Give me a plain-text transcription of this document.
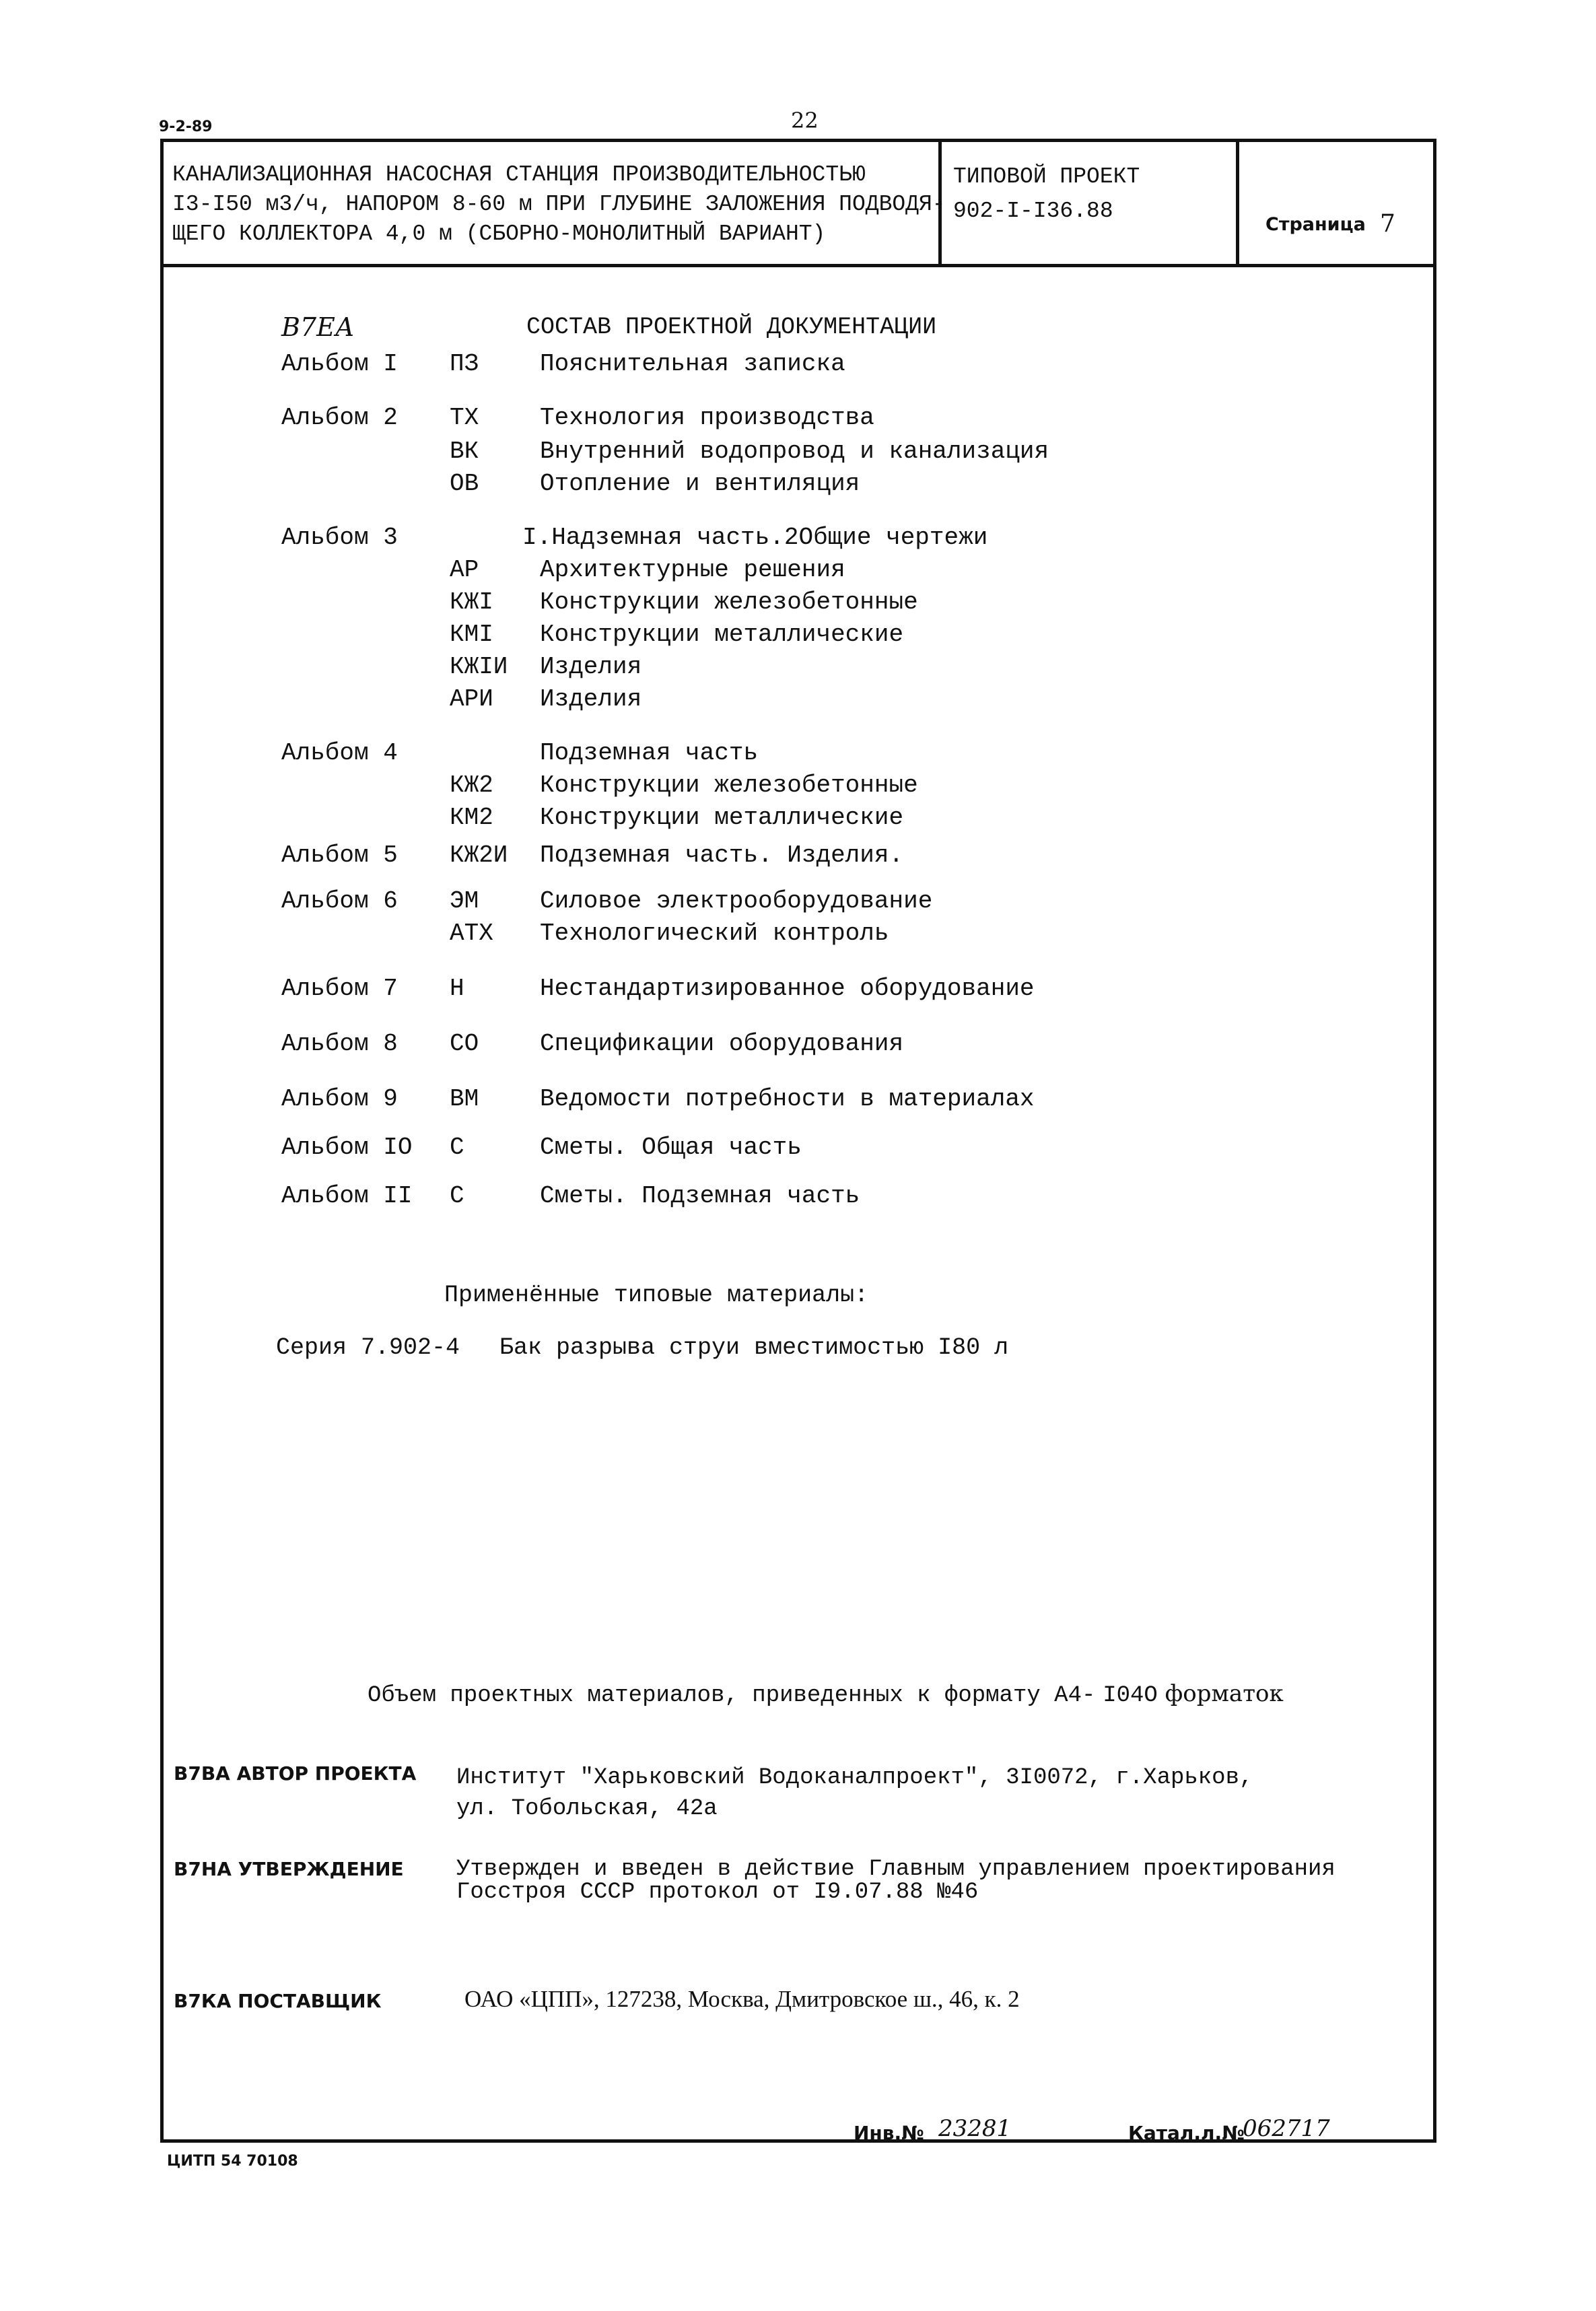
9-2-89	22
КАНАЛИЗАЦИОННАЯ НАСОСНАЯ СТАНЦИЯ ПРОИЗВОДИТЕЛЬНОСТЬЮ
I3-I50 м3/ч, НАПОРОМ 8-60 м ПРИ ГЛУБИНЕ ЗАЛОЖЕНИЯ ПОДВОДЯ-
ЩЕГО КОЛЛЕКТОРА 4,0 м (СБОРНО-МОНОЛИТНЫЙ ВАРИАНТ)
ТИПОВОЙ ПРОЕКТ
902-I-I36.88
Страница 7
В7ЕА	СОСТАВ ПРОЕКТНОЙ ДОКУМЕНТАЦИИ
Альбом I ПЗ	Пояснительная записка
Альбом 2 ТХ	Технология производства
ВК	Внутренний водопровод и канализация
ОВ	Отопление и вентиляция
Альбом 3	I.Надземная часть.2Общие чертежи
АР	Архитектурные решения
КЖI Конструкции железобетонные
КМI Конструкции металлические
КЖIИ Изделия
АРИ Изделия
Альбом 4	Подземная часть
КЖ2 Конструкции железобетонные
КМ2 Конструкции металлические
Альбом 5 КЖ2И Подземная часть. Изделия.
Альбом 6 ЭМ	Силовое электрооборудование
АТХ Технологический контроль
Альбом 7 Н	Нестандартизированное оборудование
Альбом 8 СО	Спецификации оборудования
Альбом 9 ВМ	Ведомости потребности в материалах
Альбом IO С	Сметы. Общая часть
Альбом II С	Сметы. Подземная часть
Применённые типовые материалы:
Серия 7.902-4 Бак разрыва струи вместимостью I80 л
Объем проектных материалов, приведенных к формату А4- I04O форматок
В7ВА АВТОР ПРОЕКТА Институт "Харьковский Водоканалпроект", 3I0072, г.Харьков,
ул. Тобольская, 42а
В7НА УТВЕРЖДЕНИЕ Утвержден и введен в действие Главным управлением проектирования
Госстроя СССР протокол от I9.07.88 №46
В7КА ПОСТАВЩИК	ОАО «ЦПП», 127238, Москва, Дмитровское ш., 46, к. 2
Инв.№ 23281	Катал.л.№
062717
ЦИТП 54 70108
